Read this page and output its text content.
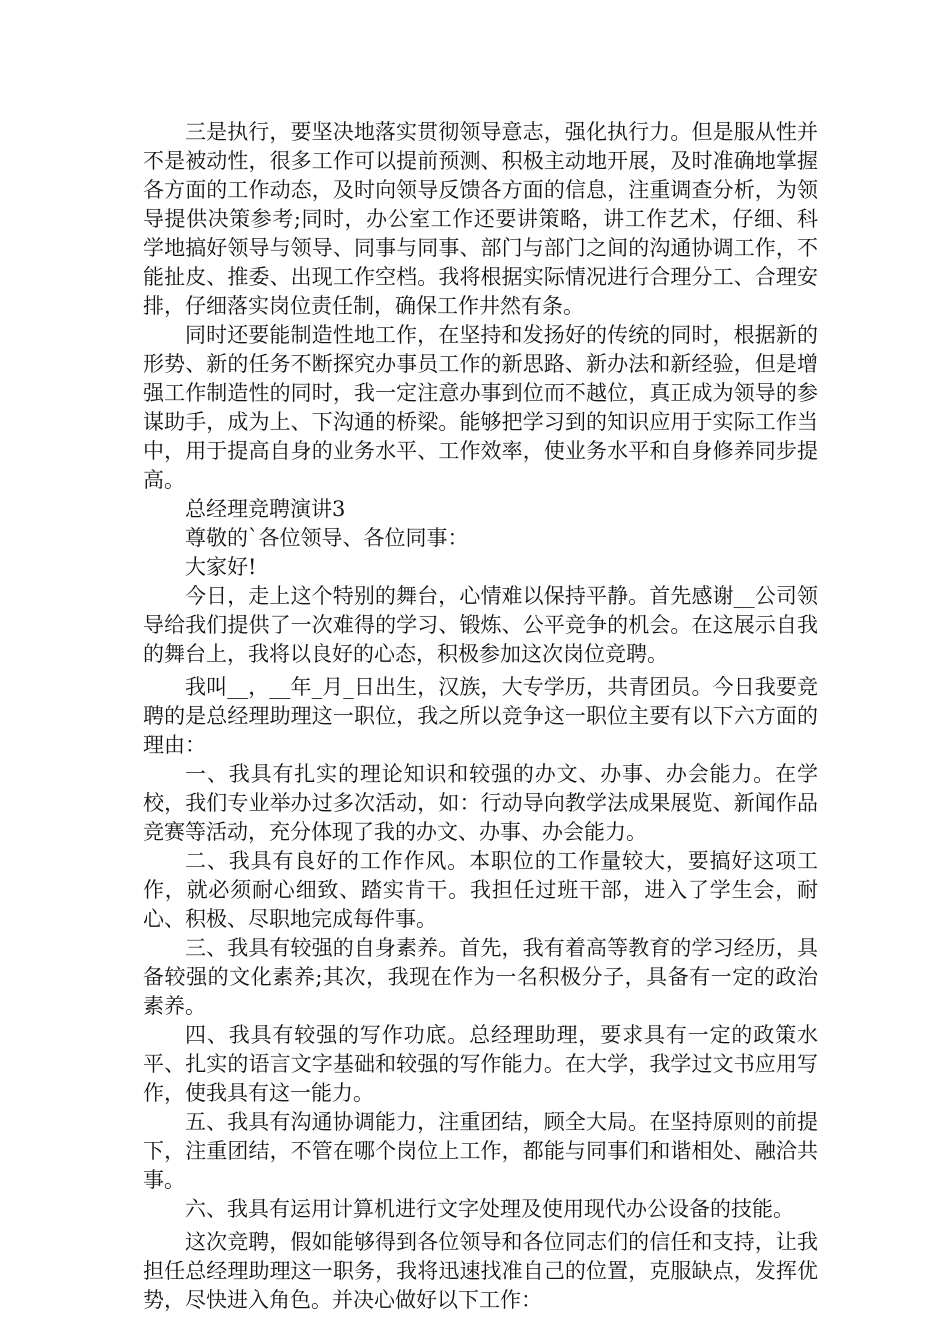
三是执行，要坚决地落实贯彻领导意志，强化执行力。但是服从性并不是被动性，很多工作可以提前预测、积极主动地开展，及时准确地掌握各方面的工作动态，及时向领导反馈各方面的信息，注重调查分析，为领导提供决策参考;同时，办公室工作还要讲策略，讲工作艺术，仔细、科学地搞好领导与领导、同事与同事、部门与部门之间的沟通协调工作，不能扯皮、推委、出现工作空档。我将根据实际情况进行合理分工、合理安排，仔细落实岗位责任制，确保工作井然有条。

同时还要能制造性地工作，在坚持和发扬好的传统的同时，根据新的形势、新的任务不断探究办事员工作的新思路、新办法和新经验，但是增强工作制造性的同时，我一定注意办事到位而不越位，真正成为领导的参谋助手，成为上、下沟通的桥梁。能够把学习到的知识应用于实际工作当中，用于提高自身的业务水平、工作效率，使业务水平和自身修养同步提高。

总经理竞聘演讲3

尊敬的`各位领导、各位同事：

大家好!

今日，走上这个特别的舞台，心情难以保持平静。首先感谢__公司领导给我们提供了一次难得的学习、锻炼、公平竞争的机会。在这展示自我的舞台上，我将以良好的心态，积极参加这次岗位竞聘。

我叫__，__年_月_日出生，汉族，大专学历，共青团员。今日我要竞聘的是总经理助理这一职位，我之所以竞争这一职位主要有以下六方面的理由：

一、我具有扎实的理论知识和较强的办文、办事、办会能力。在学校，我们专业举办过多次活动，如：行动导向教学法成果展览、新闻作品竞赛等活动，充分体现了我的办文、办事、办会能力。

二、我具有良好的工作作风。本职位的工作量较大，要搞好这项工作，就必须耐心细致、踏实肯干。我担任过班干部，进入了学生会，耐心、积极、尽职地完成每件事。

三、我具有较强的自身素养。首先，我有着高等教育的学习经历，具备较强的文化素养;其次，我现在作为一名积极分子，具备有一定的政治素养。

四、我具有较强的写作功底。总经理助理，要求具有一定的政策水平、扎实的语言文字基础和较强的写作能力。在大学，我学过文书应用写作，使我具有这一能力。

五、我具有沟通协调能力，注重团结，顾全大局。在坚持原则的前提下，注重团结，不管在哪个岗位上工作，都能与同事们和谐相处、融洽共事。

六、我具有运用计算机进行文字处理及使用现代办公设备的技能。

这次竞聘，假如能够得到各位领导和各位同志们的信任和支持，让我担任总经理助理这一职务，我将迅速找准自己的位置，克服缺点，发挥优势，尽快进入角色。并决心做好以下工作：
